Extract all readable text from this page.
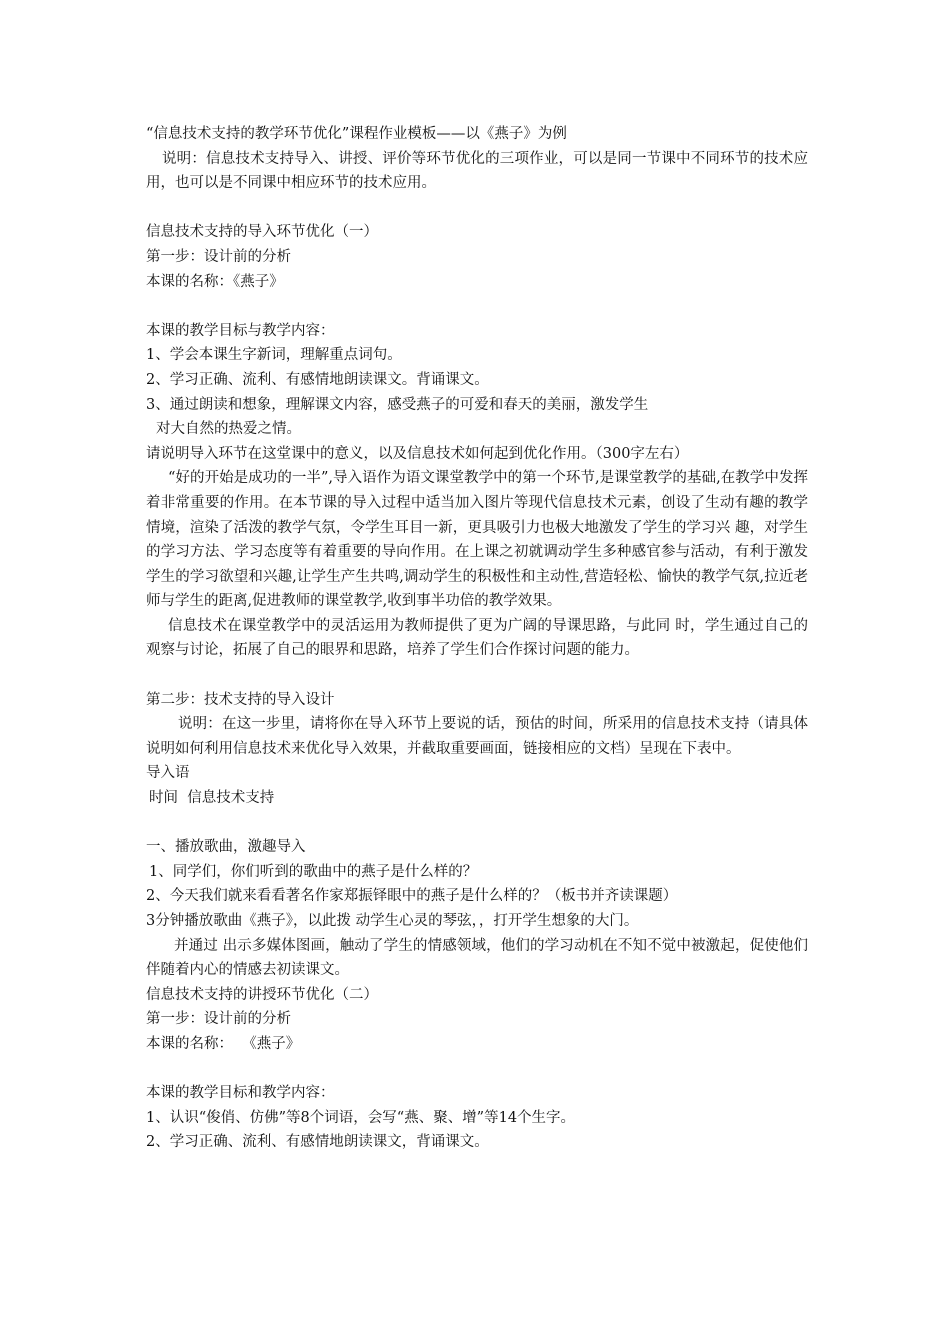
“信息技术支持的教学环节优化”课程作业模板——以《燕子》为例
说明：信息技术支持导入、讲授、评价等环节优化的三项作业，可以是同一节课中不同环节的技术应用，也可以是不同课中相应环节的技术应用。
信息技术支持的导入环节优化（一）
第一步：设计前的分析
本课的名称：《燕子》
本课的教学目标与教学内容：
1、学会本课生字新词，理解重点词句。
2、学习正确、流利、有感情地朗读课文。背诵课文。
3、通过朗读和想象，理解课文内容，感受燕子的可爱和春天的美丽，激发学生
对大自然的热爱之情。
请说明导入环节在这堂课中的意义，以及信息技术如何起到优化作用。（300字左右）
“好的开始是成功的一半”,导入语作为语文课堂教学中的第一个环节,是课堂教学的基础,在教学中发挥着非常重要的作用。在本节课的导入过程中适当加入图片等现代信息技术元素，创设了生动有趣的教学情境，渲染了活泼的教学气氛，令学生耳目一新，更具吸引力也极大地激发了学生的学习兴 趣，对学生的学习方法、学习态度等有着重要的导向作用。在上课之初就调动学生多种感官参与活动，有利于激发学生的学习欲望和兴趣,让学生产生共鸣,调动学生的积极性和主动性,营造轻松、愉快的教学气氛,拉近老师与学生的距离,促进教师的课堂教学,收到事半功倍的教学效果。
信息技术在课堂教学中的灵活运用为教师提供了更为广阔的导课思路，与此同 时，学生通过自己的观察与讨论，拓展了自己的眼界和思路，培养了学生们合作探讨问题的能力。
第二步：技术支持的导入设计
说明：在这一步里，请将你在导入环节上要说的话，预估的时间，所采用的信息技术支持（请具体说明如何利用信息技术来优化导入效果，并截取重要画面，链接相应的文档）呈现在下表中。
导入语
时间  信息技术支持
一、播放歌曲，激趣导入
1、同学们，你们听到的歌曲中的燕子是什么样的？
2、今天我们就来看看著名作家郑振铎眼中的燕子是什么样的？（板书并齐读课题）
3分钟播放歌曲《燕子》，以此拨 动学生心灵的琴弦，，打开学生想象的大门。
并通过 出示多媒体图画，触动了学生的情感领域，他们的学习动机在不知不觉中被激起，促使他们伴随着内心的情感去初读课文。
信息技术支持的讲授环节优化（二）
第一步：设计前的分析
本课的名称：  《燕子》
本课的教学目标和教学内容：
1、认识“俊俏、仿佛”等8个词语，会写“燕、聚、增”等14个生字。
2、学习正确、流利、有感情地朗读课文，背诵课文。
